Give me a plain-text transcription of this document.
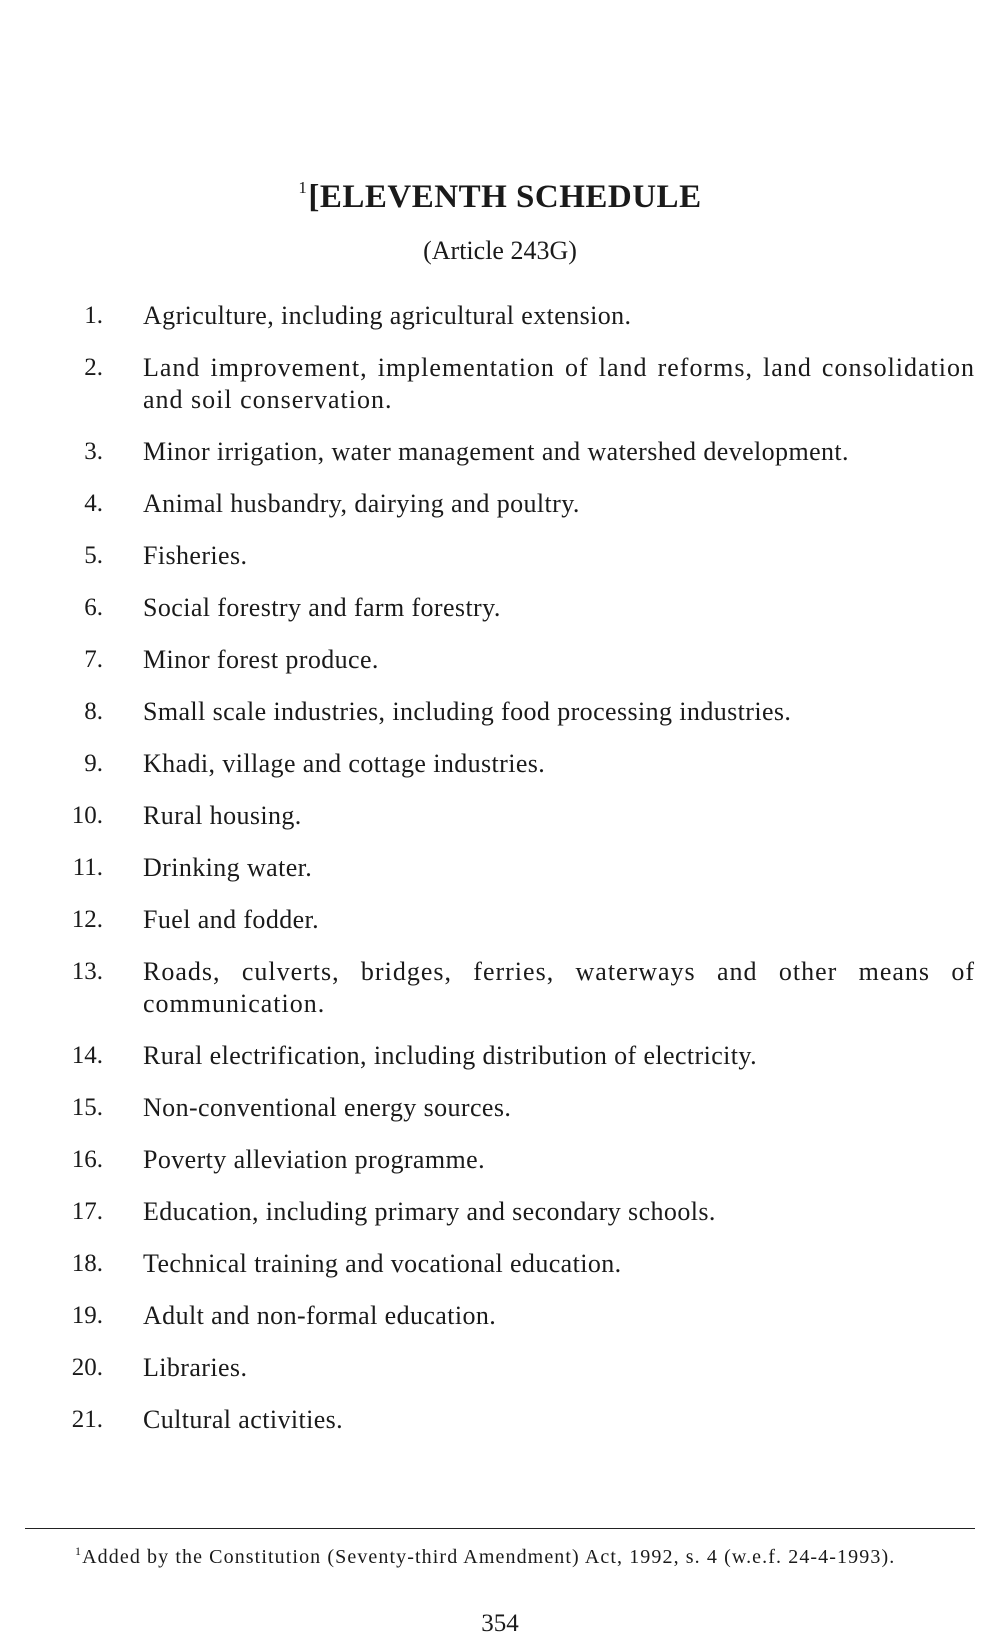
$^1$[ELEVENTH SCHEDULE
(Article 243G)
1. Agriculture, including agricultural extension.
2. Land improvement, implementation of land reforms, land consolidation and soil conservation.
3. Minor irrigation, water management and watershed development.
4. Animal husbandry, dairying and poultry.
5. Fisheries.
6. Social forestry and farm forestry.
7. Minor forest produce.
8. Small scale industries, including food processing industries.
9. Khadi, village and cottage industries.
10. Rural housing.
11. Drinking water.
12. Fuel and fodder.
13. Roads, culverts, bridges, ferries, waterways and other means of communication.
14. Rural electrification, including distribution of electricity.
15. Non-conventional energy sources.
16. Poverty alleviation programme.
17. Education, including primary and secondary schools.
18. Technical training and vocational education.
19. Adult and non-formal education.
20. Libraries.
21. Cultural activities.
$^1$Added by the Constitution (Seventy-third Amendment) Act, 1992, s. 4 (w.e.f. 24-4-1993).
354
